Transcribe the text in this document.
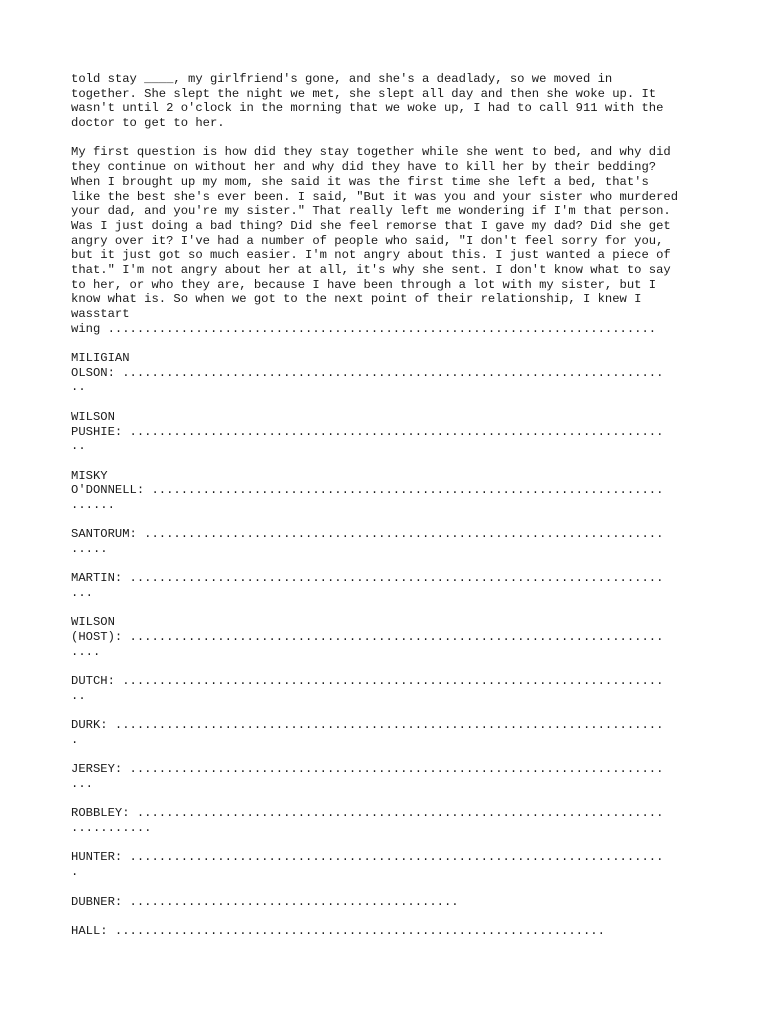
told stay ____, my girlfriend's gone, and she's a deadlady, so we moved in
together. She slept the night we met, she slept all day and then she woke up. It
wasn't until 2 o'clock in the morning that we woke up, I had to call 911 with the
doctor to get to her.
My first question is how did they stay together while she went to bed, and why did
they continue on without her and why did they have to kill her by their bedding?
When I brought up my mom, she said it was the first time she left a bed, that's
like the best she's ever been. I said, "But it was you and your sister who murdered
your dad, and you're my sister." That really left me wondering if I'm that person.
Was I just doing a bad thing? Did she feel remorse that I gave my dad? Did she get
angry over it? I've had a number of people who said, "I don't feel sorry for you,
but it just got so much easier. I'm not angry about this. I just wanted a piece of
that." I'm not angry about her at all, it's why she sent. I don't know what to say
to her, or who they are, because I have been through a lot with my sister, but I
know what is. So when we got to the next point of their relationship, I knew I
wasstart
wing ...........................................................................
MILIGIAN
OLSON: ..........................................................................
..
WILSON
PUSHIE: .........................................................................
..
MISKY
O'DONNELL: ......................................................................
......
SANTORUM: .......................................................................
.....
MARTIN: .........................................................................
...
WILSON
(HOST): .........................................................................
....
DUTCH: ..........................................................................
..
DURK: ...........................................................................
.
JERSEY: .........................................................................
...
ROBBLEY: ........................................................................
...........
HUNTER: .........................................................................
.
DUBNER: .............................................
HALL: ...................................................................
